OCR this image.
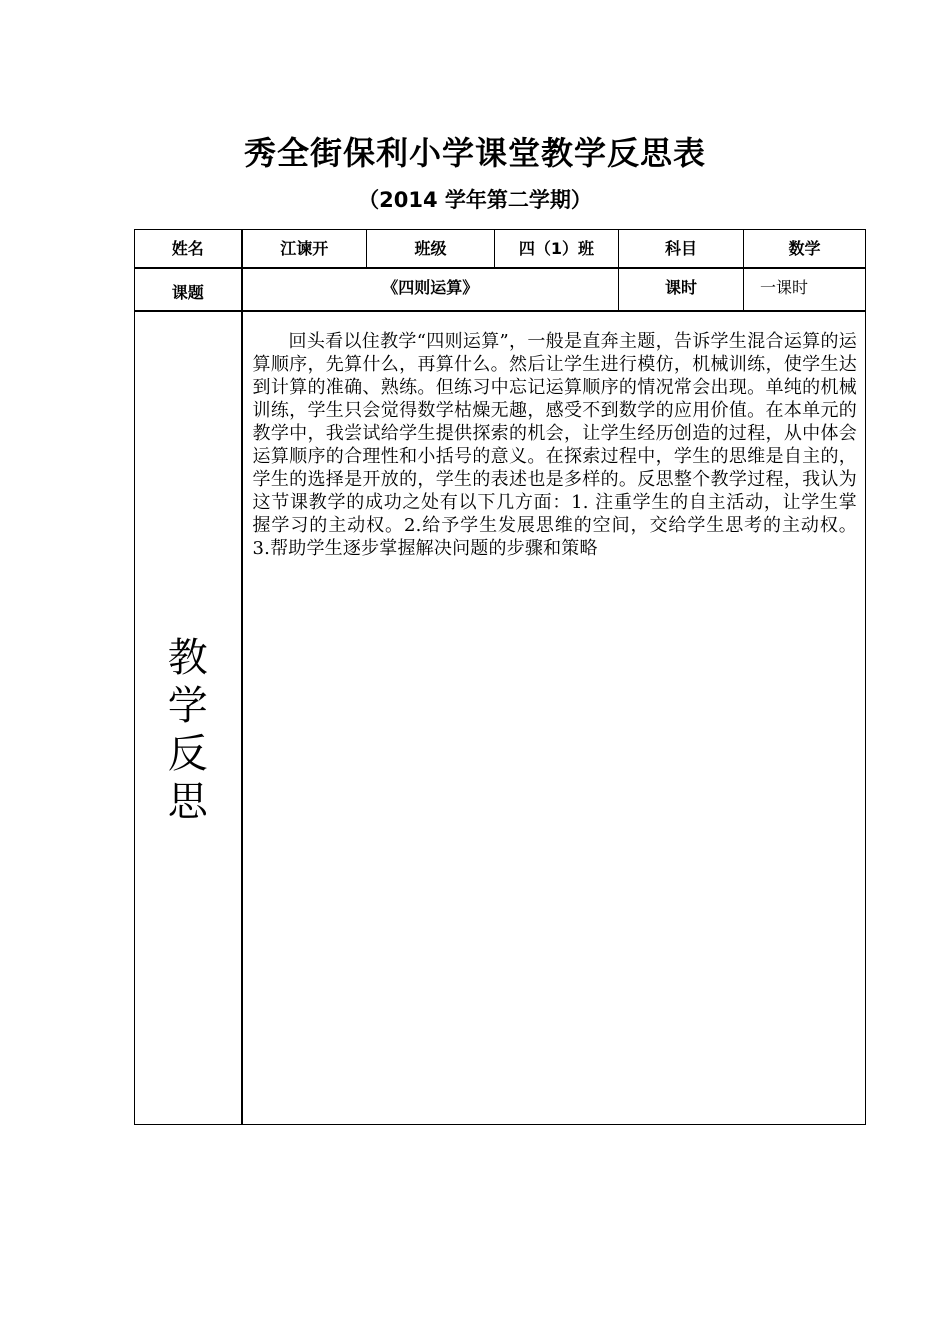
秀全街保利小学课堂教学反思表
（2014 学年第二学期）
姓名	江谏开	班级	四（1）班	科目	数学

课题	《四则运算》			课时	一课时

教学反思	回头看以住教学“四则运算”，一般是直奔主题，告诉学生混合运算的运算顺序，先算什么，再算什么。然后让学生进行模仿，机械训练，使学生达到计算的准确、熟练。但练习中忘记运算顺序的情况常会出现。单纯的机械训练，学生只会觉得数学枯燥无趣，感受不到数学的应用价值。在本单元的教学中，我尝试给学生提供探索的机会，让学生经历创造的过程，从中体会运算顺序的合理性和小括号的意义。在探索过程中，学生的思维是自主的，学生的选择是开放的，学生的表述也是多样的。反思整个教学过程，我认为这节课教学的成功之处有以下几方面：1. 注重学生的自主活动，让学生掌握学习的主动权。2.给予学生发展思维的空间，交给学生思考的主动权。 3.帮助学生逐步掌握解决问题的步骤和策略				
